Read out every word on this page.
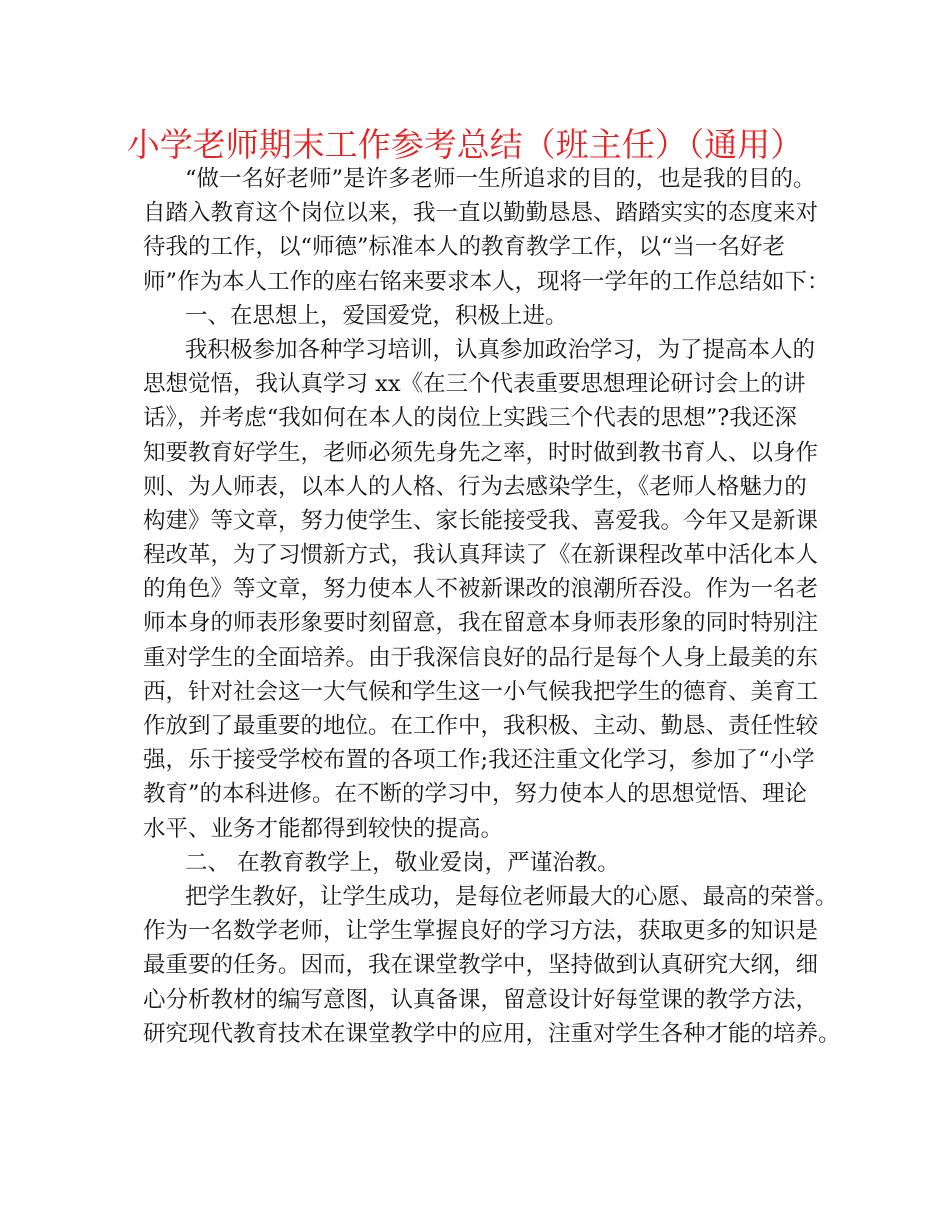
小学老师期末工作参考总结（班主任）（通用）
“做一名好老师”是许多老师一生所追求的目的，也是我的目的。
自踏入教育这个岗位以来，我一直以勤勤恳恳、踏踏实实的态度来对
待我的工作，以“师德”标准本人的教育教学工作，以“当一名好老
师”作为本人工作的座右铭来要求本人，现将一学年的工作总结如下：
一、在思想上，爱国爱党，积极上进。
我积极参加各种学习培训，认真参加政治学习，为了提高本人的
思想觉悟，我认真学习 xx《在三个代表重要思想理论研讨会上的讲
话》，并考虑“我如何在本人的岗位上实践三个代表的思想”?我还深
知要教育好学生，老师必须先身先之率，时时做到教书育人、以身作
则、为人师表，以本人的人格、行为去感染学生，《老师人格魅力的
构建》等文章，努力使学生、家长能接受我、喜爱我。今年又是新课
程改革，为了习惯新方式，我认真拜读了《在新课程改革中活化本人
的角色》等文章，努力使本人不被新课改的浪潮所吞没。作为一名老
师本身的师表形象要时刻留意，我在留意本身师表形象的同时特别注
重对学生的全面培养。由于我深信良好的品行是每个人身上最美的东
西，针对社会这一大气候和学生这一小气候我把学生的德育、美育工
作放到了最重要的地位。在工作中，我积极、主动、勤恳、责任性较
强，乐于接受学校布置的各项工作;我还注重文化学习，参加了“小学
教育”的本科进修。在不断的学习中，努力使本人的思想觉悟、理论
水平、业务才能都得到较快的提高。
二、 在教育教学上，敬业爱岗，严谨治教。
把学生教好，让学生成功，是每位老师最大的心愿、最高的荣誉。
作为一名数学老师，让学生掌握良好的学习方法，获取更多的知识是
最重要的任务。因而，我在课堂教学中，坚持做到认真研究大纲，细
心分析教材的编写意图，认真备课，留意设计好每堂课的教学方法，
研究现代教育技术在课堂教学中的应用，注重对学生各种才能的培养。
